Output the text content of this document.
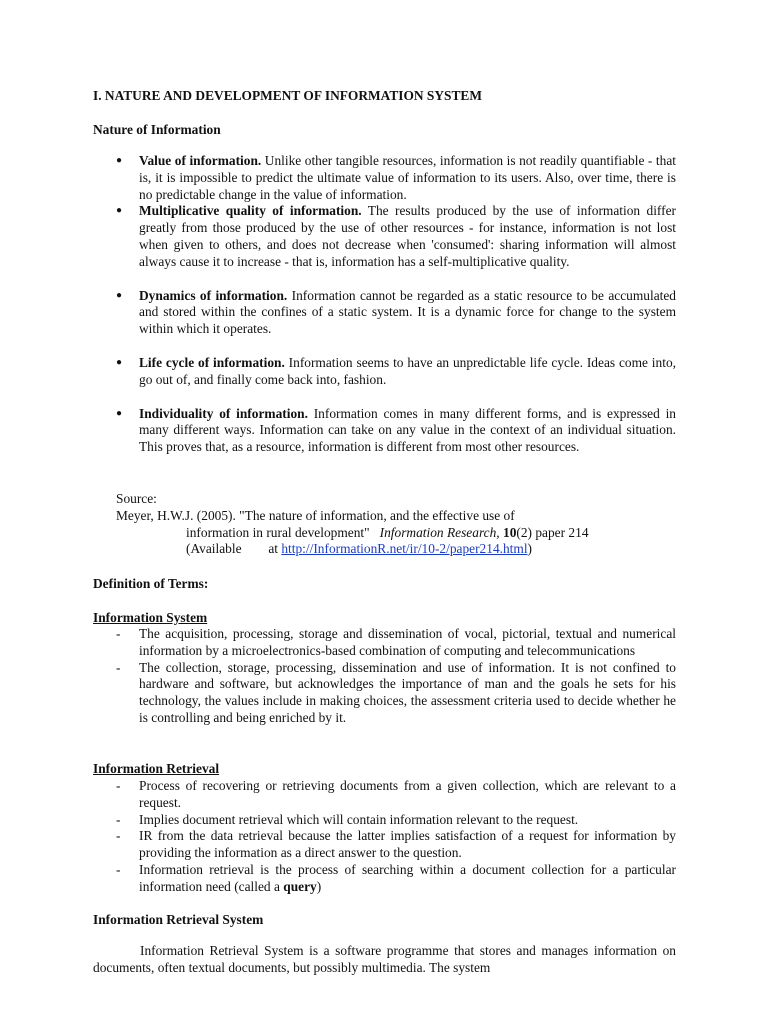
I. NATURE AND DEVELOPMENT OF INFORMATION SYSTEM
Nature of Information
● Value of information. Unlike other tangible resources, information is not readily quantifiable - that is, it is impossible to predict the ultimate value of information to its users. Also, over time, there is no predictable change in the value of information.
● Multiplicative quality of information. The results produced by the use of information differ greatly from those produced by the use of other resources - for instance, information is not lost when given to others, and does not decrease when 'consumed': sharing information will almost always cause it to increase - that is, information has a self-multiplicative quality.
● Dynamics of information. Information cannot be regarded as a static resource to be accumulated and stored within the confines of a static system. It is a dynamic force for change to the system within which it operates.
● Life cycle of information. Information seems to have an unpredictable life cycle. Ideas come into, go out of, and finally come back into, fashion.
● Individuality of information. Information comes in many different forms, and is expressed in many different ways. Information can take on any value in the context of an individual situation. This proves that, as a resource, information is different from most other resources.
Source:
Meyer, H.W.J. (2005). "The nature of information, and the effective use of
information in rural development" Information Research, 10(2) paper 214
(Available at http://InformationR.net/ir/10-2/paper214.html)
Definition of Terms:
Information System
- The acquisition, processing, storage and dissemination of vocal, pictorial, textual and numerical information by a microelectronics-based combination of computing and telecommunications
- The collection, storage, processing, dissemination and use of information. It is not confined to hardware and software, but acknowledges the importance of man and the goals he sets for his technology, the values include in making choices, the assessment criteria used to decide whether he is controlling and being enriched by it.
Information Retrieval
- Process of recovering or retrieving documents from a given collection, which are relevant to a request.
- Implies document retrieval which will contain information relevant to the request.
- IR from the data retrieval because the latter implies satisfaction of a request for information by providing the information as a direct answer to the question.
- Information retrieval is the process of searching within a document collection for a particular information need (called a query)
Information Retrieval System
Information Retrieval System is a software programme that stores and manages information on documents, often textual documents, but possibly multimedia. The system
